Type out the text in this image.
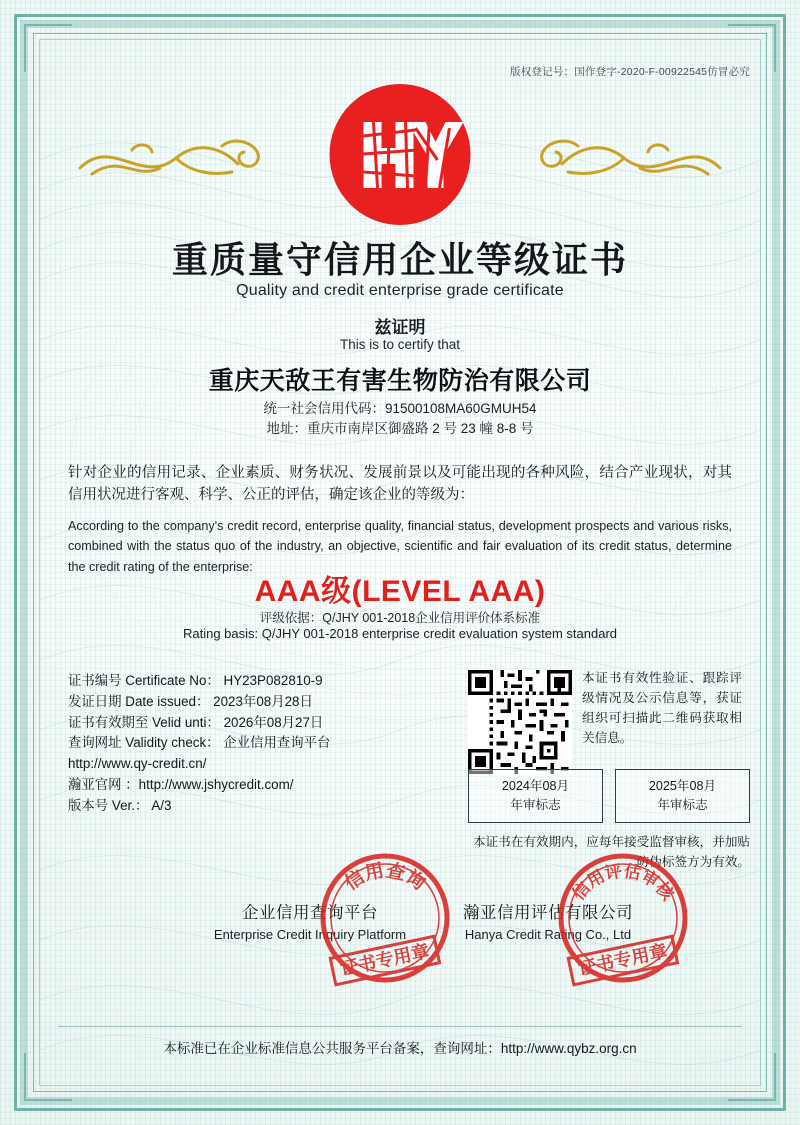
版权登记号：国作登字-2020-F-00922545仿冒必究
重质量守信用企业等级证书
Quality and credit enterprise grade certificate
兹证明
This is to certify that
重庆天敌王有害生物防治有限公司
统一社会信用代码：91500108MA60GMUH54
地址：重庆市南岸区御盛路 2 号 23 幢 8-8 号
针对企业的信用记录、企业素质、财务状况、发展前景以及可能出现的各种风险，结合产业现状，对其信用状况进行客观、科学、公正的评估，确定该企业的等级为：
According to the company's credit record, enterprise quality, financial status, development prospects and various risks, combined with the status quo of the industry, an objective, scientific and fair evaluation of its credit status, determine the credit rating of the enterprise:
AAA级(LEVEL AAA)
评级依据：Q/JHY 001-2018企业信用评价体系标准
Rating basis: Q/JHY 001-2018 enterprise credit evaluation system standard
证书编号 Certificate No： HY23P082810-9
发证日期 Date issued： 2023年08月28日
证书有效期至 Velid unti： 2026年08月27日
查询网址 Validity check： 企业信用查询平台
http://www.qy-credit.cn/
瀚亚官网 ：http://www.jshycredit.com/
版本号 Ver.： A/3
本证书有效性验证、跟踪评级情况及公示信息等，获证组织可扫描此二维码获取相关信息。
2024年08月
年审标志
2025年08月
年审标志
本证书在有效期内，应每年接受监督审核，并加贴防伪标签方为有效。
企业信用查询平台
Enterprise Credit Inquiry Platform
瀚亚信用评估有限公司
Hanya Credit Rating Co., Ltd
信用查询
证书专用章
信用评估审核
证书专用章
本标准已在企业标准信息公共服务平台备案，查询网址：http://www.qybz.org.cn
